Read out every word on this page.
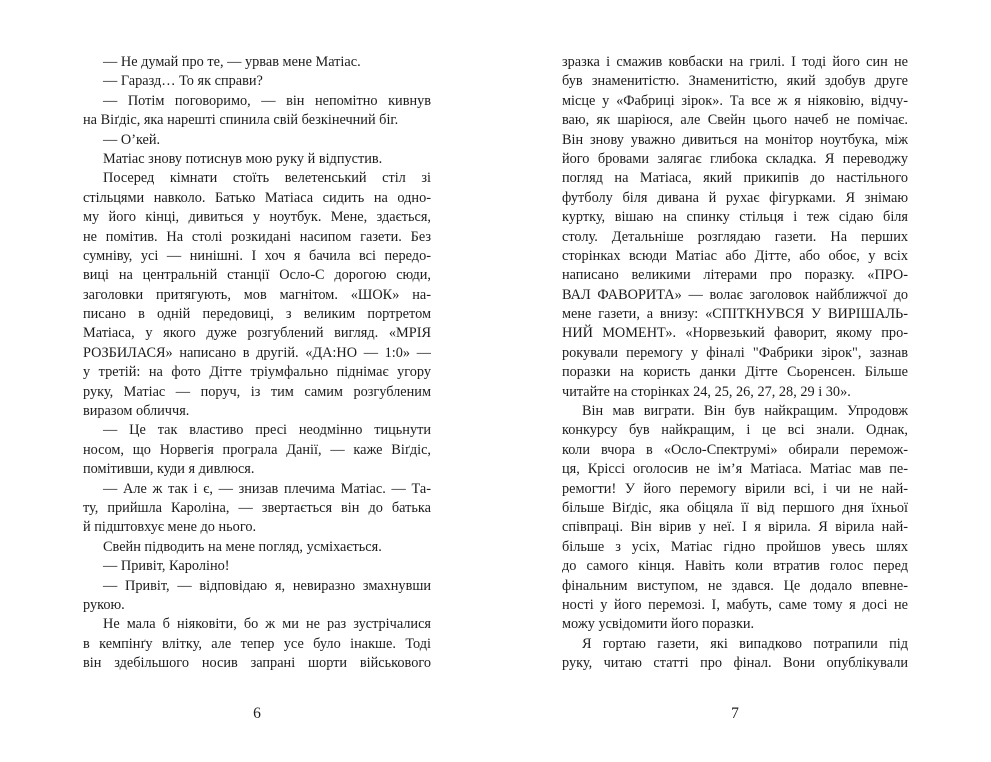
— Не думай про те, — урвав мене Матіас.
— Гаразд… То як справи?
— Потім поговоримо, — він непомітно кивнув
на Віґдіс, яка нарешті спинила свій безкінечний біг.
— О’кей.
Матіас знову потиснув мою руку й відпустив.
Посеред кімнати стоїть велетенський стіл зі
стільцями навколо. Батько Матіаса сидить на одно-
му його кінці, дивиться у ноутбук. Мене, здається,
не помітив. На столі розкидані насипом газети. Без
сумніву, усі — нинішні. І хоч я бачила всі передо-
виці на центральній станції Осло-С дорогою сюди,
заголовки притягують, мов магнітом. «ШОК» на-
писано в одній передовиці, з великим портретом
Матіаса, у якого дуже розгублений вигляд. «МРІЯ
РОЗБИЛАСЯ» написано в другій. «ДА:НО — 1:0» —
у третій: на фото Дітте тріумфально піднімає угору
руку, Матіас — поруч, із тим самим розгубленим
виразом обличчя.
— Це так властиво пресі неодмінно тицьнути
носом, що Норвегія програла Данії, — каже Віґдіс,
помітивши, куди я дивлюся.
— Але ж так і є, — знизав плечима Матіас. — Та-
ту, прийшла Кароліна, — звертається він до батька
й підштовхує мене до нього.
Свейн підводить на мене погляд, усміхається.
— Привіт, Кароліно!
— Привіт, — відповідаю я, невиразно змахнувши
рукою.
Не мала б ніяковіти, бо ж ми не раз зустрічалися
в кемпінґу влітку, але тепер усе було інакше. Тоді
він здебільшого носив запрані шорти військового
6
зразка і смажив ковбаски на грилі. І тоді його син не
був знаменитістю. Знаменитістю, який здобув друге
місце у «Фабриці зірок». Та все ж я ніяковію, відчу-
ваю, як шаріюся, але Свейн цього начеб не помічає.
Він знову уважно дивиться на монітор ноутбука, між
його бровами залягає глибока складка. Я переводжу
погляд на Матіаса, який прикипів до настільного
футболу біля дивана й рухає фігурками. Я знімаю
куртку, вішаю на спинку стільця і теж сідаю біля
столу. Детальніше розглядаю газети. На перших
сторінках всюди Матіас або Дітте, або обоє, у всіх
написано великими літерами про поразку. «ПРО-
ВАЛ ФАВОРИТА» — волає заголовок найближчої до
мене газети, а внизу: «СПІТКНУВСЯ У ВИРІШАЛЬ-
НИЙ МОМЕНТ». «Норвезький фаворит, якому про-
рокували перемогу у фіналі "Фабрики зірок", зазнав
поразки на користь данки Дітте Сьоренсен. Більше
читайте на сторінках 24, 25, 26, 27, 28, 29 і 30».
Він мав виграти. Він був найкращим. Упродовж
конкурсу був найкращим, і це всі знали. Однак,
коли вчора в «Осло-Спектрумі» обирали перемож-
ця, Кріссі оголосив не ім’я Матіаса. Матіас мав пе-
ремогти! У його перемогу вірили всі, і чи не най-
більше Віґдіс, яка обіцяла її від першого дня їхньої
співпраці. Він вірив у неї. І я вірила. Я вірила най-
більше з усіх, Матіас гідно пройшов увесь шлях
до самого кінця. Навіть коли втратив голос перед
фінальним виступом, не здався. Це додало впевне-
ності у його перемозі. І, мабуть, саме тому я досі не
можу усвідомити його поразки.
Я гортаю газети, які випадково потрапили під
руку, читаю статті про фінал. Вони опублікували
7
